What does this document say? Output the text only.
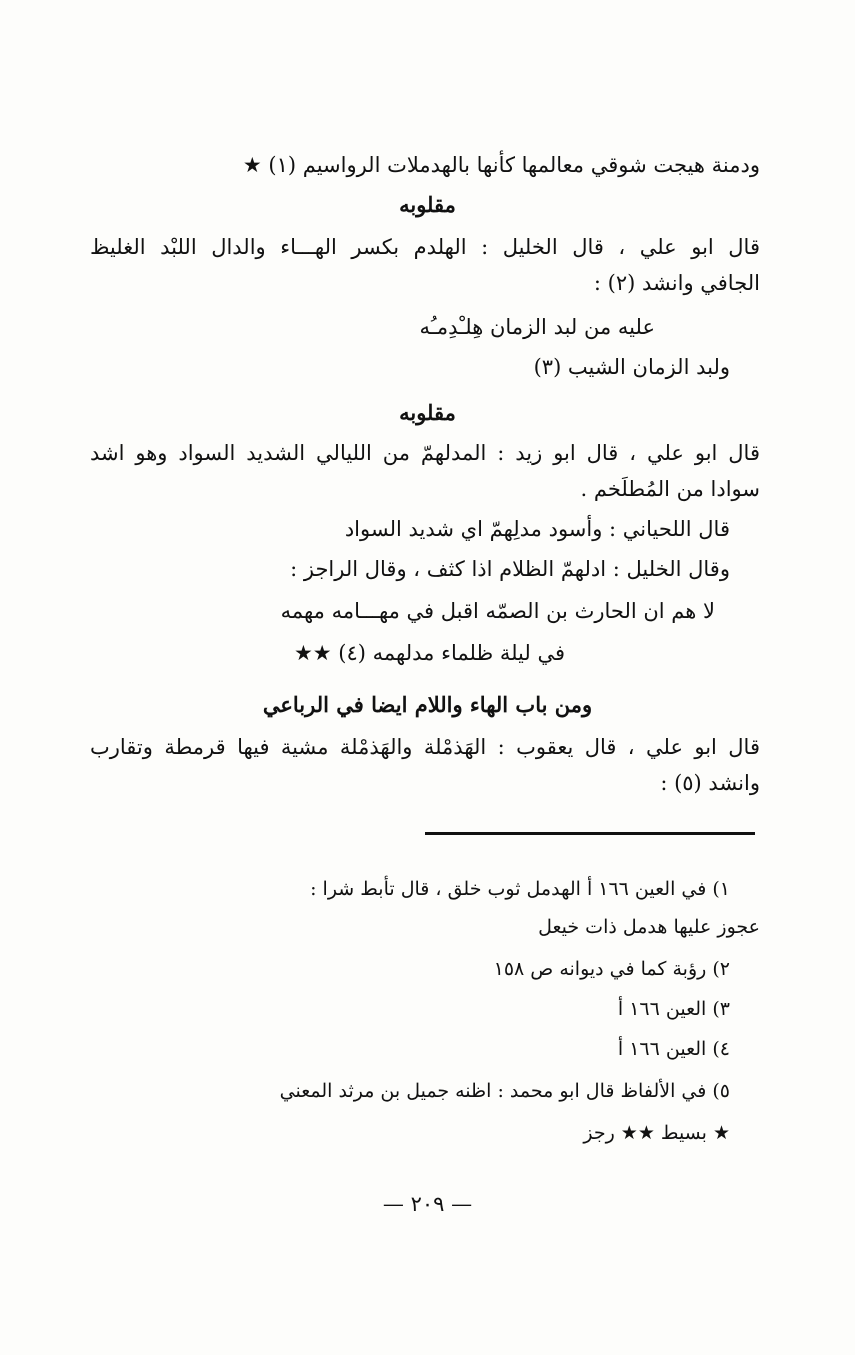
ودمنة هيجت شوقي معالمها كأنها بالهدملات الرواسيم (١) ★

مقلوبه

قال ابو علي ، قال الخليل : الهلدم بكسر الهـــاء والدال اللبْد الغليظ

الجافي وانشد (٢) :

عليه من لبد الزمان هِلـْدِمـُه

ولبد الزمان الشيب (٣)

مقلوبه

قال ابو علي ، قال ابو زيد : المدلهمّ من الليالي الشديد السواد وهو اشد

سوادا من المُطلَخم .

قال اللحياني : وأسود مدلِهمّ اي شديد السواد

وقال الخليل : ادلهمّ الظلام اذا كثف ، وقال الراجز :

لا هم ان الحارث بن الصمّه اقبل في مهـــامه مهمه

في ليلة ظلماء مدلهمه (٤) ★★

ومن باب الهاء واللام ايضا في الرباعي

قال ابو علي ، قال يعقوب : الهَذمْلة والهَذمْلة مشية فيها قرمطة وتقارب

وانشد (٥) :

١) في العين ١٦٦ أ الهدمل ثوب خلق ، قال تأبط شرا :

عجوز عليها هدمل ذات خيعل

٢) رؤبة كما في ديوانه ص ١٥٨

٣) العين ١٦٦ أ

٤) العين ١٦٦ أ

٥) في الألفاظ قال ابو محمد : اظنه جميل بن مرثد المعني

★ بسيط ★★ رجز

— ٢٠٩ —
